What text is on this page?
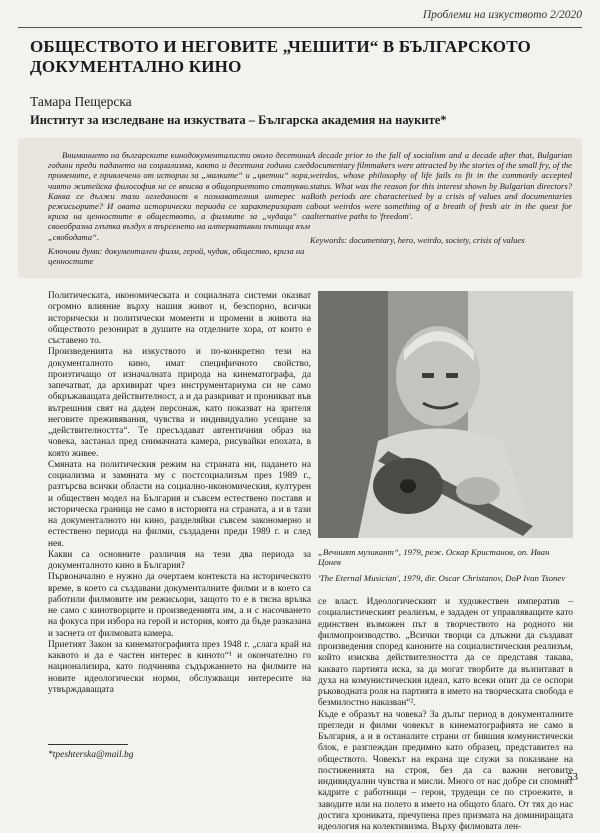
Проблеми на изкуството 2/2020
ОБЩЕСТВОТО И НЕГОВИТЕ „ЧЕШИТИ“ В БЪЛГАРСКОТО ДОКУМЕНТАЛНО КИНО
Тамара Пещерска
Институт за изследване на изкуствата – Българска академия на науките*

Вниманието на българските кинодокументалисти около десетина години преди падането на социализма, както и десетина години след промените, е привлечено от истории за „малките“ и „цветни“ хора, чиято житейска философия не се вписва в общоприетото статукво. Каква се дължи тази огледаност в познавателния интерес на режисьорите? И овата исторически периода се характеризират с криза на ценностите в обществото, а филмите за „чудаци“ са своеобразна глътка въздух в търсенето на алтернативни пътища към „свободата“.

Ключови думи: документален филм, герой, чудак, общество, криза на ценностите

A decade prior to the fall of socialism and a decade after that, Bulgarian documentary filmmakers were attracted by the stories of the small fry, of the weirdos, whose philosophy of life fails to fit in the commonly accepted status. What was the reason for this interest shown by Bulgarian directors? Both periods are characterised by a crisis of values and documentaries about weirdos were something of a breath of fresh air in the quest for alternative paths to 'freedom'.

Keywords: documentary, hero, weirdo, society, crisis of values

Политическата, икономическата и социалната системи оказват огромно влияние върху нашия живот и, безспорно, всички исторически и политически моменти и промени в живота на обществото резонират в душите на отделните хора, от които е съставено то.

Произведенията на изкуството и по-конкретно тези на документалното кино, имат специфичното свойство, произтичащо от изначалната природа на кинематографа, да запечатват, да архивират чрез инструментариума си не само обкръжаващата действителност, а и да разкриват и проникват във вътрешния свят на даден персонаж, като показват на зрителя неговите преживявания, чувства и индивидуално усещане за „действителността“. Те пресъздават автентичния образ на човека, застанал пред снимачната камера, рисувайки епохата, в която живее.

Смяната на политическия режим на страната ни, падането на социализма и замяната му с постсоциализъм през 1989 г., разтърсва всички области на социално-икономическия, културен и обществен модел на България и съвсем естествено поставя и историческа граница не само в историята на страната, а и в тази на документалното ни кино, разделяйки съвсем закономерно и естествено периода на филми, създадени преди 1989 г. и след нея.

Какви са основните различия на тези два периода за документалното кино в България?

Първоначално е нужно да очертаем контекста на историческото време, в което са създавани документалните филми и в което са работили филмовите им режисьори, защото то е в тясна връзка не само с кинотворците и произведенията им, а и с насочването на фокуса при избора на герой и история, която да бъде разказана и заснета от филмовата камера.

Приетият Закон за кинематографията през 1948 г. „слага край на каквото и да е частен интерес в киното“¹ и окончателно го национализира, като подчинява съдържанието на филмите на новите идеологически норми, обслужващи интересите на утвърждаващата

„Вечният музикант“, 1979, реж. Оскар Кристанов, оп. Иван Цонев
'The Eternal Musician', 1979, dir. Oscar Christanov, DoP Ivan Tsonev

се власт. Идеологическият и художествен императив – социалистическият реализъм, е зададен от управляващите като единствен възможен път в творчеството на родното ни филмопроизводство. „Всички творци са длъжни да създават произведения според каноните на социалистическия реализъм, който изисква действителността да се представя такава, каквато партията иска, за да могат творбите да възпитават в духа на комунистическия идеал, като всеки опит да се оспори ръководната роля на партията в името на творческата свобода е безмилостно наказван“².

Къде е образът на човека? За дълъг период в документалните прегледи и филми човекът в кинематографията не само в България, а и в останалите страни от бившия комунистически блок, е разглеждан предимно като образец, представител на обществото. Човекът на екрана ще служи за показване на постиженията на строя, без да са важни неговите индивидуални чувства и мисли. Много от нас добре си спомнят кадрите с работници – герои, трудещи се по строежите, в заводите или на полето в името на общото благо. От тях до нас достига хрониката, пречупена през призмата на доминиращата идеология на колективизма. Върху филмовата лен-

*tpeshterska@mail.bg
53
